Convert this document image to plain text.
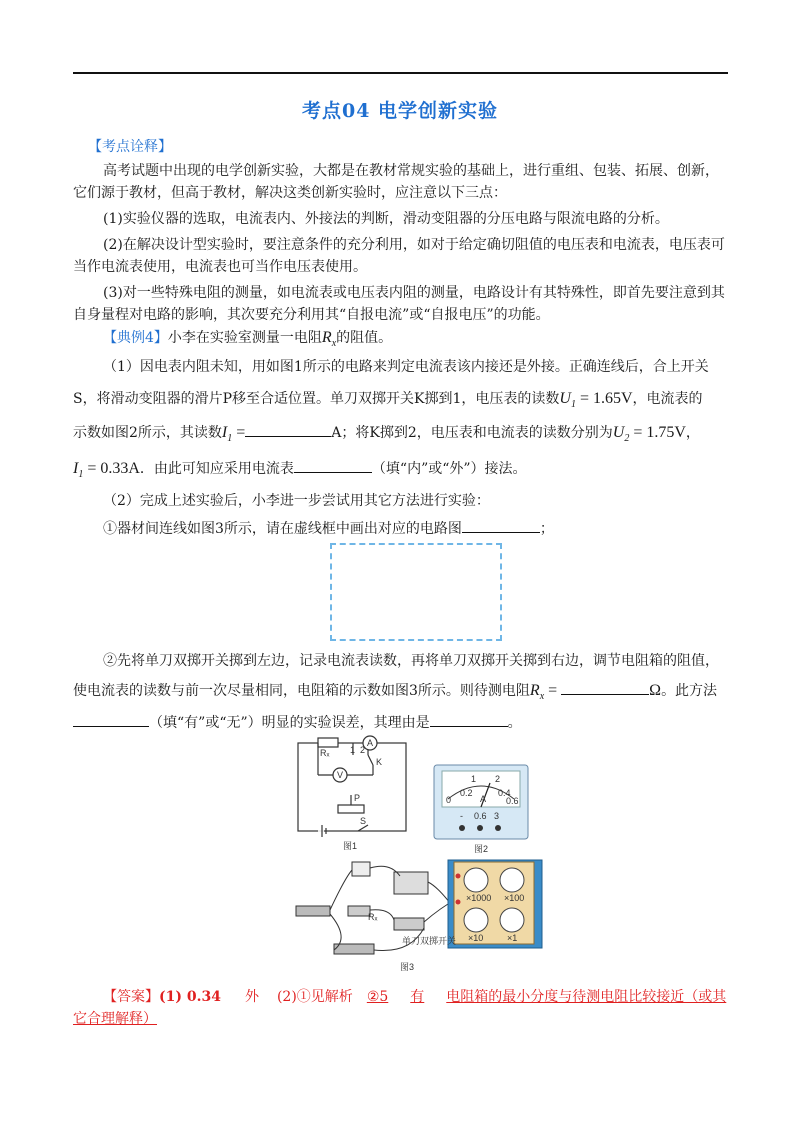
考点04 电学创新实验
【考点诠释】
高考试题中出现的电学创新实验，大都是在教材常规实验的基础上，进行重组、包装、拓展、创新，
它们源于教材，但高于教材，解决这类创新实验时，应注意以下三点：
(1)实验仪器的选取，电流表内、外接法的判断，滑动变阻器的分压电路与限流电路的分析。
(2)在解决设计型实验时，要注意条件的充分利用，如对于给定确切阻值的电压表和电流表，电压表可
当作电流表使用，电流表也可当作电压表使用。
(3)对一些特殊电阻的测量，如电流表或电压表内阻的测量，电路设计有其特殊性，即首先要注意到其
自身量程对电路的影响，其次要充分利用其“自报电流”或“自报电压”的功能。
【典例4】小李在实验室测量一电阻$R_x$的阻值。
（1）因电表内阻未知，用如图1所示的电路来判定电流表该内接还是外接。正确连线后，合上开关
S，将滑动变阻器的滑片P移至合适位置。单刀双掷开关K掷到1，电压表的读数$U_1 = 1.65V$，电流表的
示数如图2所示，其读数$I_1$ =	A；将K掷到2，电压表和电流表的读数分别为$U_2 = 1.75V$，
$I_1 = 0.33A$．由此可知应采用电流表	（填“内”或“外”）接法。
（2）完成上述实验后，小李进一步尝试用其它方法进行实验：
①器材间连线如图3所示，请在虚线框中画出对应的电路图	；
②先将单刀双掷开关掷到左边，记录电流表读数，再将单刀双掷开关掷到右边，调节电阻箱的阻值，
使电流表的读数与前一次尽量相同，电阻箱的示数如图3所示。则待测电阻$R_x$ =	Ω。此方法
（填“有”或“无”）明显的实验误差，其理由是	。
Rₓ
A
V
K
1 2
P
S
图1
0
1 2
0.2	0.4
0.6
A
- 0.6 3
图2
Rₓ
单刀双掷开关
×1000 ×100
×10	×1
图3
【答案】(1) 0.34 外 (2)①见解析 ②5 有 电阻箱的最小分度与待测电阻比较接近（或其
它合理解释）
